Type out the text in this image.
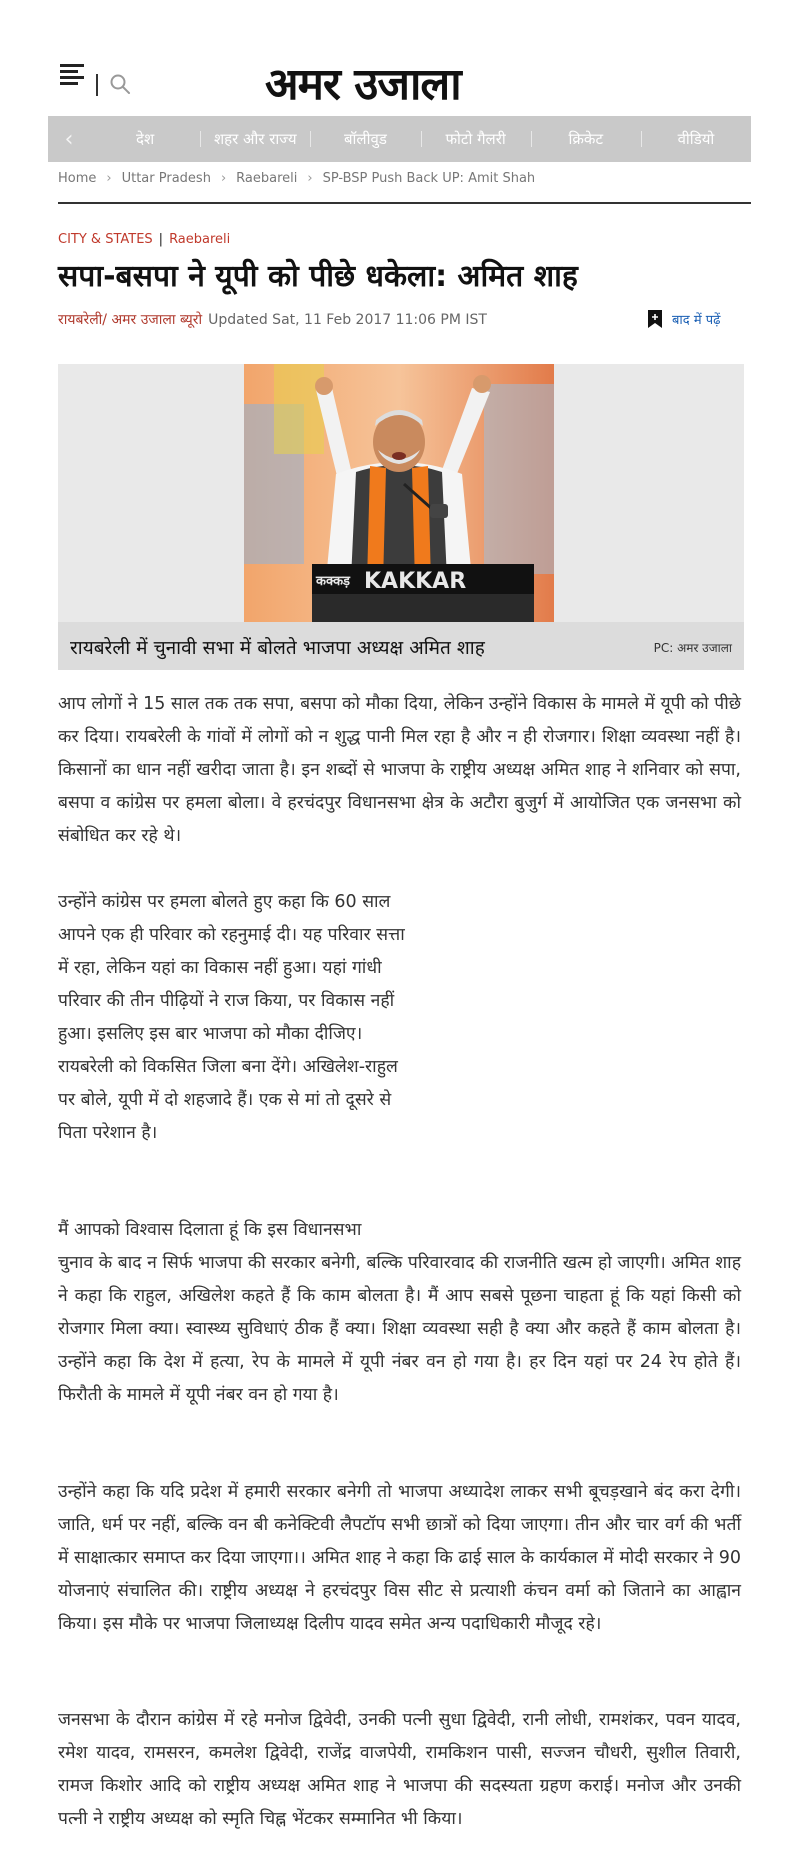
अमर उजाला
‹	देश	शहर और राज्य	बॉलीवुड	फोटो गैलरी	क्रिकेट	वीडियो
Home › Uttar Pradesh › Raebareli › SP-BSP Push Back UP: Amit Shah
CITY & STATES | Raebareli
सपा-बसपा ने यूपी को पीछे धकेला: अमित शाह
रायबरेली/ अमर उजाला ब्यूरो Updated Sat, 11 Feb 2017 11:06 PM IST	बाद में पढ़ें
कक्कड़ KAKKAR
रायबरेली में चुनावी सभा में बोलते भाजपा अध्यक्ष अमित शाह	PC: अमर उजाला

आप लोगों ने 15 साल तक तक सपा, बसपा को मौका दिया, लेकिन उन्होंने विकास के मामले में यूपी को पीछे कर दिया। रायबरेली के गांवों में लोगों को न शुद्ध पानी मिल रहा है और न ही रोजगार। शिक्षा व्यवस्था नहीं है। किसानों का धान नहीं खरीदा जाता है। इन शब्दों से भाजपा के राष्ट्रीय अध्यक्ष अमित शाह ने शनिवार को सपा, बसपा व कांग्रेस पर हमला बोला। वे हरचंदपुर विधानसभा क्षेत्र के अटौरा बुजुर्ग में आयोजित एक जनसभा को संबोधित कर रहे थे।

उन्होंने कांग्रेस पर हमला बोलते हुए कहा कि 60 साल आपने एक ही परिवार को रहनुमाई दी। यह परिवार सत्ता में रहा, लेकिन यहां का विकास नहीं हुआ। यहां गांधी परिवार की तीन पीढ़ियों ने राज किया, पर विकास नहीं हुआ। इसलिए इस बार भाजपा को मौका दीजिए। रायबरेली को विकसित जिला बना देंगे। अखिलेश-राहुल पर बोले, यूपी में दो शहजादे हैं। एक से मां तो दूसरे से पिता परेशान है।

मैं आपको विश्वास दिलाता हूं कि इस विधानसभा

चुनाव के बाद न सिर्फ भाजपा की सरकार बनेगी, बल्कि परिवारवाद की राजनीति खत्म हो जाएगी। अमित शाह ने कहा कि राहुल, अखिलेश कहते हैं कि काम बोलता है। मैं आप सबसे पूछना चाहता हूं कि यहां किसी को रोजगार मिला क्या। स्वास्थ्य सुविधाएं ठीक हैं क्या। शिक्षा व्यवस्था सही है क्या और कहते हैं काम बोलता है। उन्होंने कहा कि देश में हत्या, रेप के मामले में यूपी नंबर वन हो गया है। हर दिन यहां पर 24 रेप होते हैं। फिरौती के मामले में यूपी नंबर वन हो गया है।

उन्होंने कहा कि यदि प्रदेश में हमारी सरकार बनेगी तो भाजपा अध्यादेश लाकर सभी बूचड़खाने बंद करा देगी। जाति, धर्म पर नहीं, बल्कि वन बी कनेक्टिवी लैपटॉप सभी छात्रों को दिया जाएगा। तीन और चार वर्ग की भर्ती में साक्षात्कार समाप्त कर दिया जाएगा।। अमित शाह ने कहा कि ढाई साल के कार्यकाल में मोदी सरकार ने 90 योजनाएं संचालित की। राष्ट्रीय अध्यक्ष ने हरचंदपुर विस सीट से प्रत्याशी कंचन वर्मा को जिताने का आह्वान किया। इस मौके पर भाजपा जिलाध्यक्ष दिलीप यादव समेत अन्य पदाधिकारी मौजूद रहे।

जनसभा के दौरान कांग्रेस में रहे मनोज द्विवेदी, उनकी पत्नी सुधा द्विवेदी, रानी लोधी, रामशंकर, पवन यादव, रमेश यादव, रामसरन, कमलेश द्विवेदी, राजेंद्र वाजपेयी, रामकिशन पासी, सज्जन चौधरी, सुशील तिवारी, रामज किशोर आदि को राष्ट्रीय अध्यक्ष अमित शाह ने भाजपा की सदस्यता ग्रहण कराई। मनोज और उनकी पत्नी ने राष्ट्रीय अध्यक्ष को स्मृति चिह्न भेंटकर सम्मानित भी किया।
